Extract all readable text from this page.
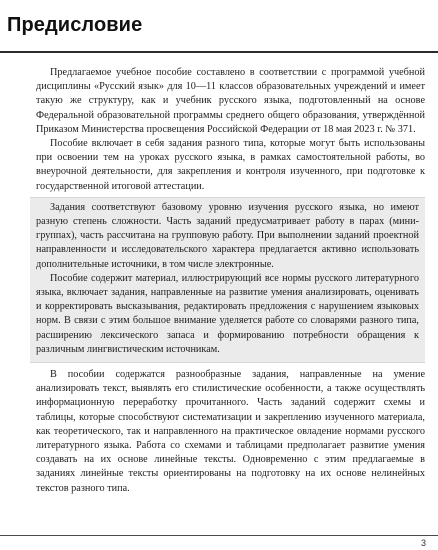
Предисловие

Предлагаемое учебное пособие составлено в соответствии с программой учебной дисциплины «Русский язык» для 10—11 классов образовательных учреждений и имеет такую же структуру, как и учебник русского языка, подготовленный на основе Федеральной образовательной программы среднего общего образования, утверждённой Приказом Министерства просвещения Российской Федерации от 18 мая 2023 г. № 371.

Пособие включает в себя задания разного типа, которые могут быть использованы при освоении тем на уроках русского языка, в рамках самостоятельной работы, во внеурочной деятельности, для закрепления и контроля изученного, при подготовке к государственной итоговой аттестации.

Задания соответствуют базовому уровню изучения русского языка, но имеют разную степень сложности. Часть заданий предусматривает работу в парах (мини-группах), часть рассчитана на групповую работу. При выполнении заданий проектной направленности и исследовательского характера предлагается активно использовать дополнительные источники, в том числе электронные.

Пособие содержит материал, иллюстрирующий все нормы русского литературного языка, включает задания, направленные на развитие умения анализировать, оценивать и корректировать высказывания, редактировать предложения с нарушением языковых норм. В связи с этим большое внимание уделяется работе со словарями разного типа, расширению лексического запаса и формированию потребности обращения к различным лингвистическим источникам.

В пособии содержатся разнообразные задания, направленные на умение анализировать текст, выявлять его стилистические особенности, а также осуществлять информационную переработку прочитанного. Часть заданий содержит схемы и таблицы, которые способствуют систематизации и закреплению изученного материала, как теоретического, так и направленного на практическое овладение нормами русского литературного языка. Работа со схемами и таблицами предполагает развитие умения создавать на их основе линейные тексты. Одновременно с этим предлагаемые в заданиях линейные тексты ориентированы на подготовку на их основе нелинейных текстов разного типа.

3
